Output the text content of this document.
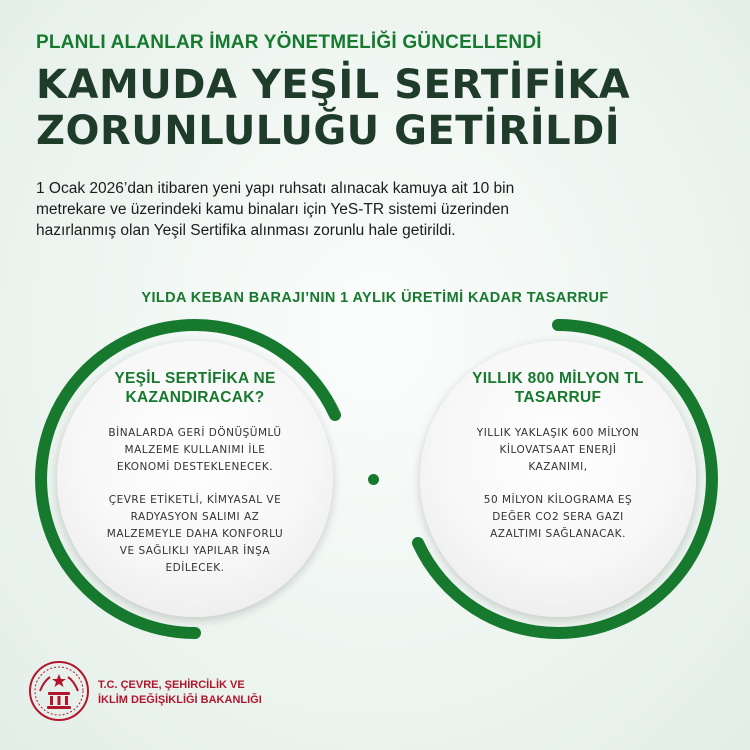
PLANLI ALANLAR İMAR YÖNETMELİĞİ GÜNCELLENDİ
KAMUDA YEŞİL SERTİFİKA
ZORUNLULUĞU GETİRİLDİ
1 Ocak 2026’dan itibaren yeni yapı ruhsatı alınacak kamuya ait 10 bin
metrekare ve üzerindeki kamu binaları için YeS-TR sistemi üzerinden
hazırlanmış olan Yeşil Sertifika alınması zorunlu hale getirildi.
YILDA KEBAN BARAJI’NIN 1 AYLIK ÜRETİMİ KADAR TASARRUF
YEŞİL SERTİFİKA NE
KAZANDIRACAK?
BİNALARDA GERİ DÖNÜŞÜMLÜ
MALZEME KULLANIMI İLE
EKONOMİ DESTEKLENECEK.
ÇEVRE ETİKETLİ, KİMYASAL VE
RADYASYON SALIMI AZ
MALZEMEYLE DAHA KONFORLU
VE SAĞLIKLI YAPILAR İNŞA
EDİLECEK.
YILLIK 800 MİLYON TL
TASARRUF
YILLIK YAKLAŞIK 600 MİLYON
KİLOVATSAAT ENERJİ
KAZANIMI,
50 MİLYON KİLOGRAMA EŞ
DEĞER CO2 SERA GAZI
AZALTIMI SAĞLANACAK.
T.C. ÇEVRE, ŞEHİRCİLİK VE
İKLİM DEĞİŞİKLİĞİ BAKANLIĞI
